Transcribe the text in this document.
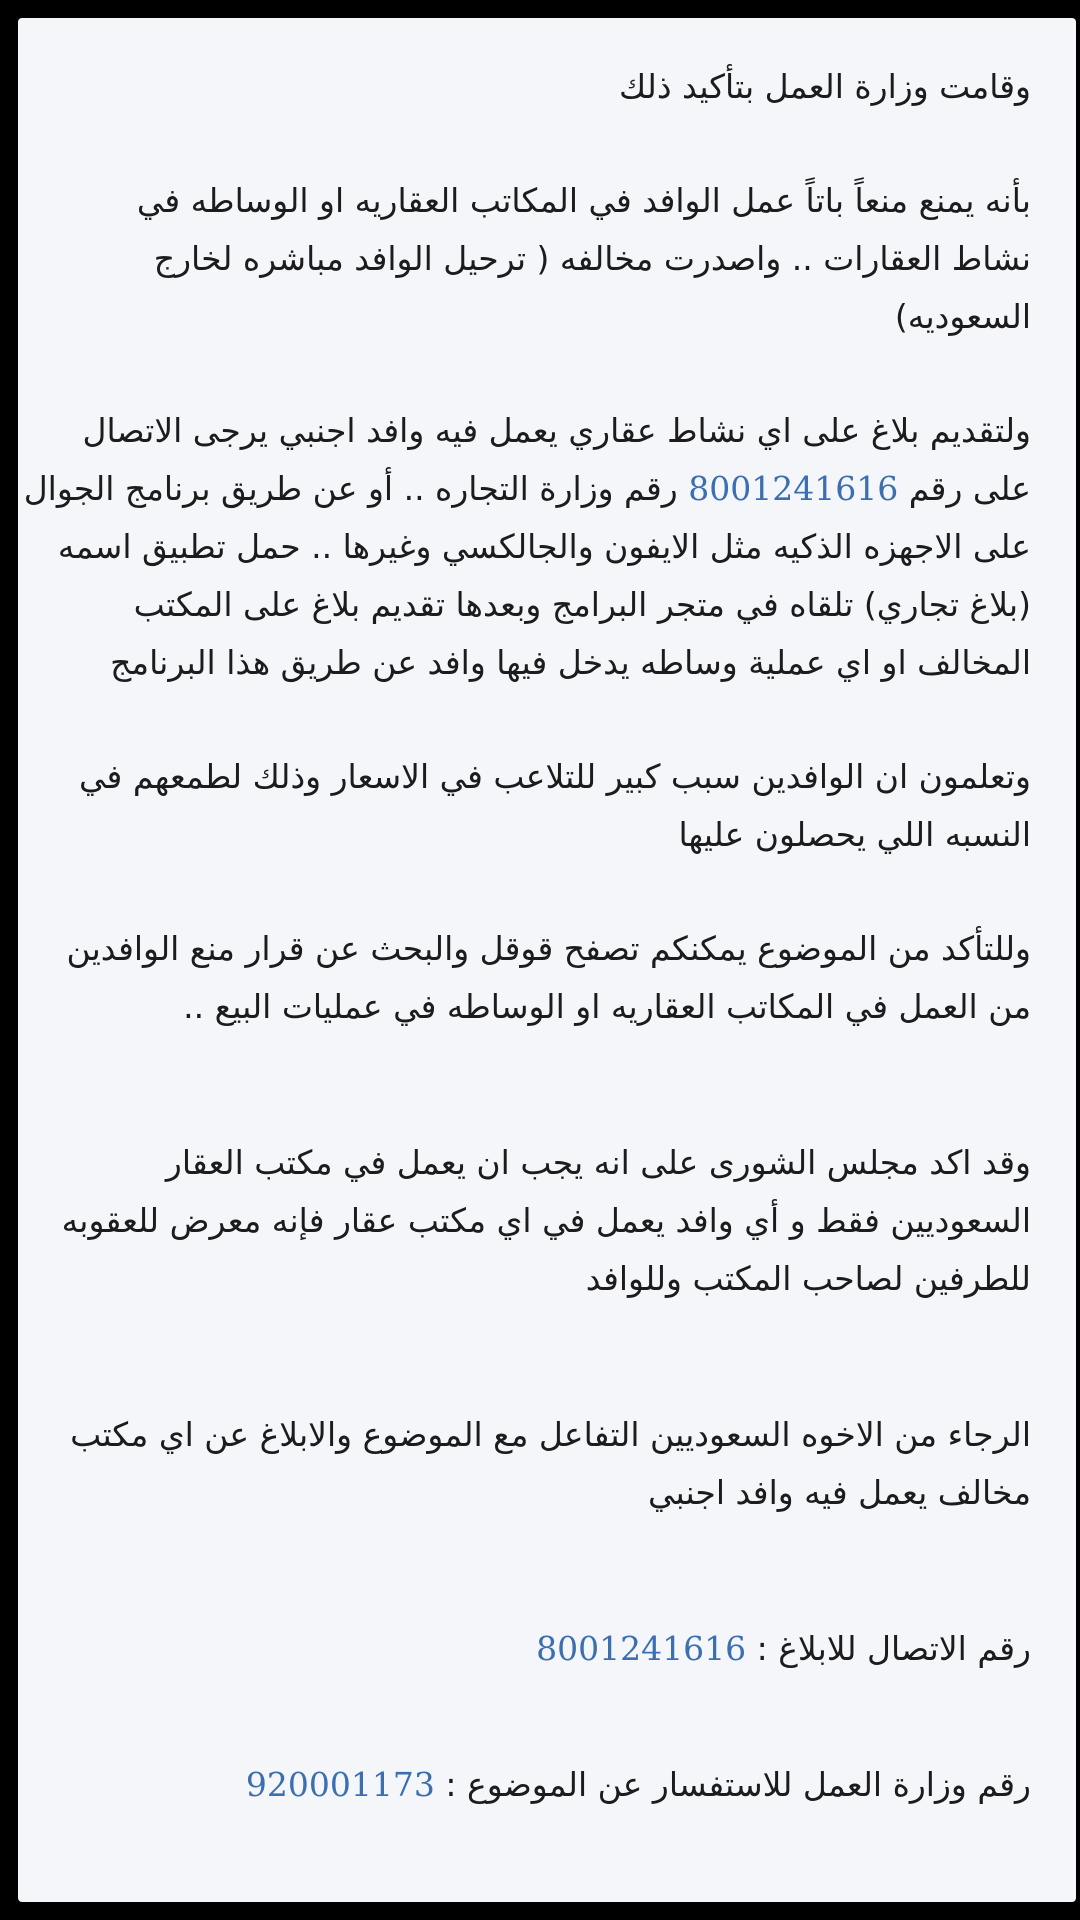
وقامت وزارة العمل بتأكيد ذلك

بأنه يمنع منعاً باتاً عمل الوافد في المكاتب العقاريه او الوساطه في
نشاط العقارات .. واصدرت مخالفه ( ترحيل الوافد مباشره لخارج
السعوديه)

ولتقديم بلاغ على اي نشاط عقاري يعمل فيه وافد اجنبي يرجى الاتصال
على رقم 8001241616 رقم وزارة التجاره .. أو عن طريق برنامج الجوال
على الاجهزه الذكيه مثل الايفون والجالكسي وغيرها .. حمل تطبيق اسمه
(بلاغ تجاري) تلقاه في متجر البرامج وبعدها تقديم بلاغ على المكتب
المخالف او اي عملية وساطه يدخل فيها وافد عن طريق هذا البرنامج

وتعلمون ان الوافدين سبب كبير للتلاعب في الاسعار وذلك لطمعهم في
النسبه اللي يحصلون عليها

وللتأكد من الموضوع يمكنكم تصفح قوقل والبحث عن قرار منع الوافدين
من العمل في المكاتب العقاريه او الوساطه في عمليات البيع ..

وقد اكد مجلس الشورى على انه يجب ان يعمل في مكتب العقار
السعوديين فقط و أي وافد يعمل في اي مكتب عقار فإنه معرض للعقوبه
للطرفين لصاحب المكتب وللوافد

الرجاء من الاخوه السعوديين التفاعل مع الموضوع والابلاغ عن اي مكتب
مخالف يعمل فيه وافد اجنبي

رقم الاتصال للابلاغ : 8001241616

رقم وزارة العمل للاستفسار عن الموضوع : 920001173
